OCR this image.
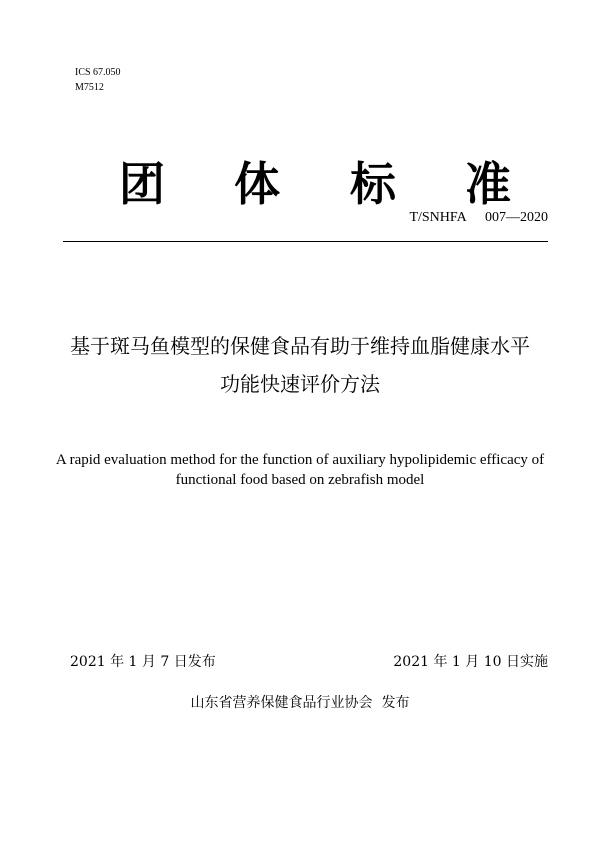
ICS 67.050
M7512
团 体 标 准
T/SNHFA  007—2020
基于斑马鱼模型的保健食品有助于维持血脂健康水平
功能快速评价方法
A rapid evaluation method for the function of auxiliary hypolipidemic efficacy of
functional food based on zebrafish model
2021 年 1 月 7 日发布	2021 年 1 月 10 日实施
山东省营养保健食品行业协会  发布
